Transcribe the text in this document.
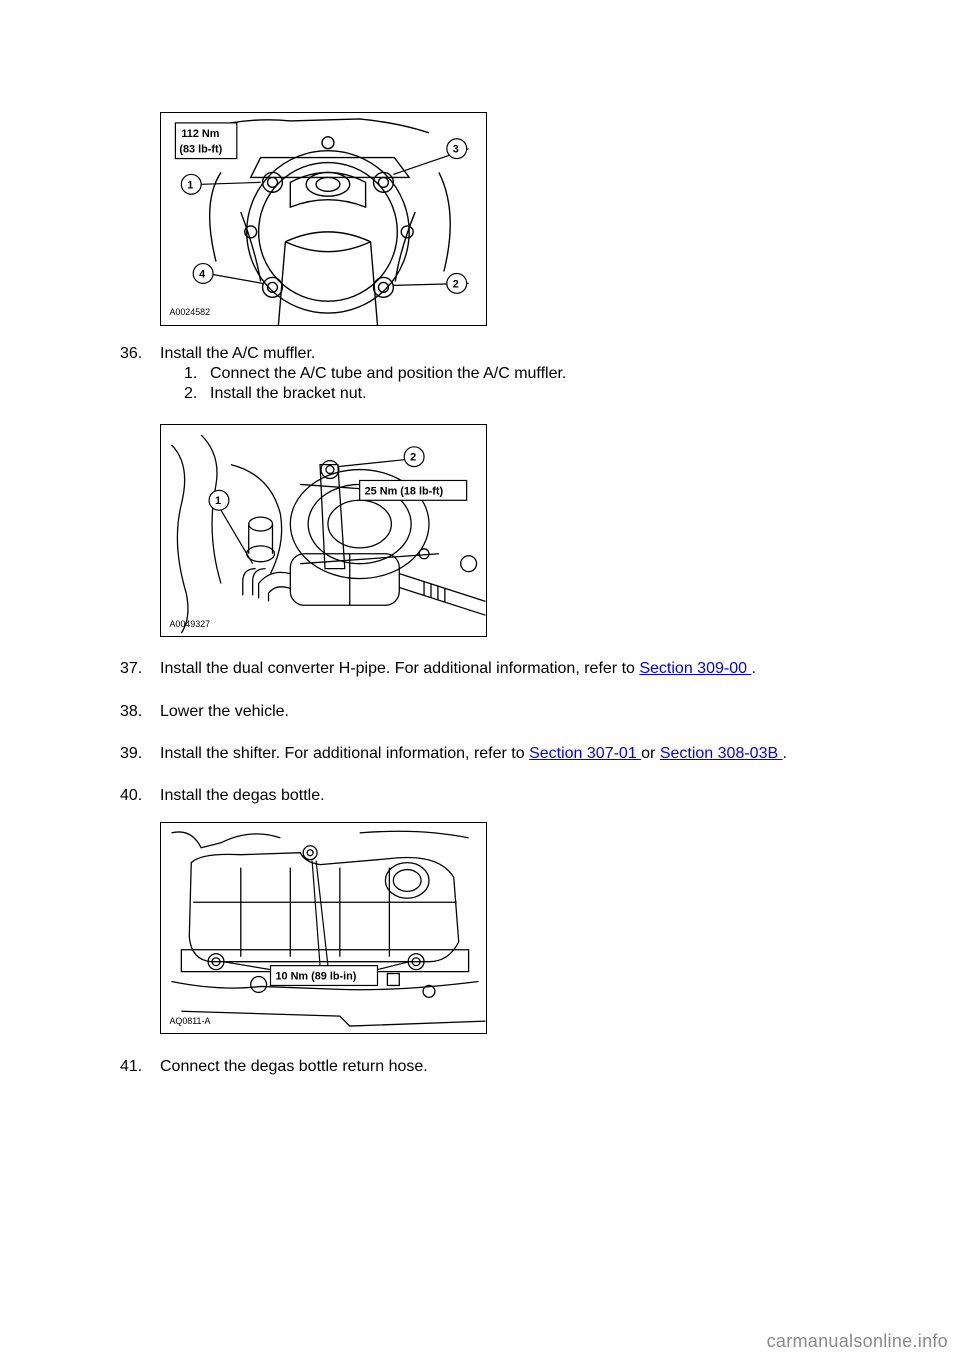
112 Nm
(83 lb-ft)
1
2
3
4
A0024582
36.	Install the A/C muffler.
1. Connect the A/C tube and position the A/C muffler.
2. Install the bracket nut.
25 Nm (18 lb-ft)
2
1
A0049327
37.	Install the dual converter H-pipe. For additional information, refer to Section 309-00 .
38.	Lower the vehicle.
39.	Install the shifter. For additional information, refer to Section 307-01 or Section 308-03B .
40.	Install the degas bottle.
10 Nm (89 lb-in)
AQ0811-A
41.	Connect the degas bottle return hose.
carmanualsonline.info
